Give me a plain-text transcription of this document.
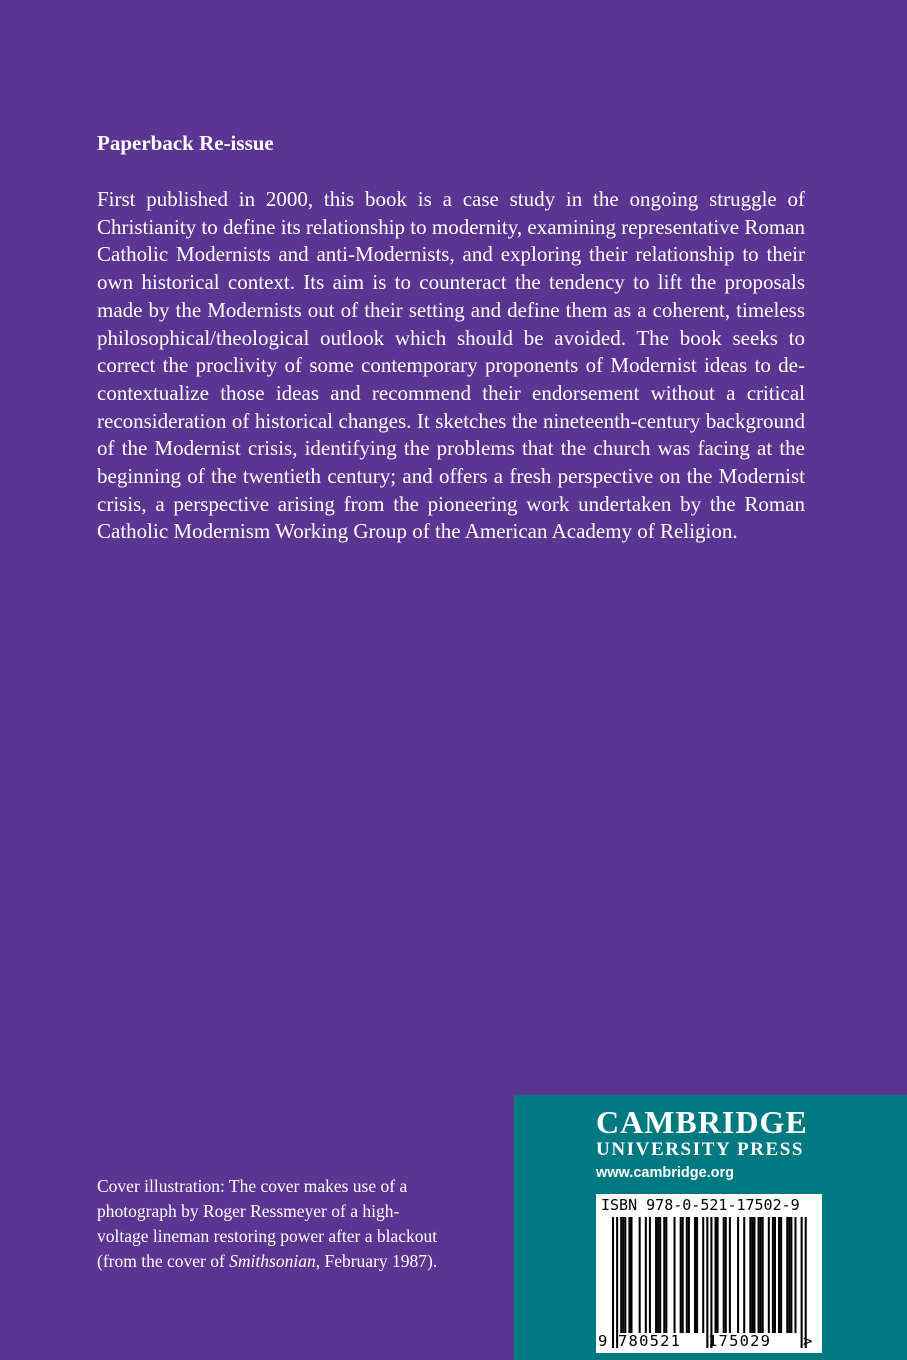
Paperback Re-issue

First published in 2000, this book is a case study in the ongoing struggle of Christianity to define its relationship to modernity, examining representative Roman Catholic Modernists and anti-Modernists, and exploring their relationship to their own historical context. Its aim is to counteract the tendency to lift the proposals made by the Modernists out of their setting and define them as a coherent, timeless philosophical/theological outlook which should be avoided. The book seeks to correct the proclivity of some contemporary proponents of Modernist ideas to de-contextualize those ideas and recommend their endorsement without a critical reconsideration of historical changes. It sketches the nineteenth-century background of the Modernist crisis, identifying the problems that the church was facing at the beginning of the twentieth century; and offers a fresh perspective on the Modernist crisis, a perspective arising from the pioneering work undertaken by the Roman Catholic Modernism Working Group of the American Academy of Religion.

Cover illustration: The cover makes use of a photograph by Roger Ressmeyer of a high-voltage lineman restoring power after a blackout (from the cover of Smithsonian, February 1987).

CAMBRIDGE

UNIVERSITY PRESS

www.cambridge.org

ISBN 978-0-521-17502-9
9 780521 175029 >
